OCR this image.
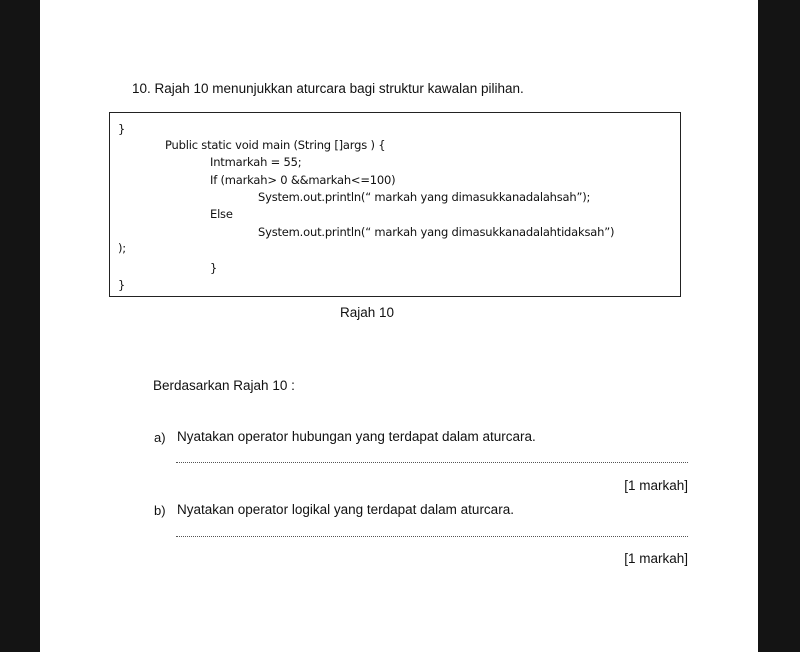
10. Rajah 10 menunjukkan aturcara bagi struktur kawalan pilihan.
}
Public static void main (String []args ) {
Intmarkah = 55;
If (markah> 0 &&markah<=100)
System.out.println(“ markah yang dimasukkanadalahsah”);
Else
System.out.println(“ markah yang dimasukkanadalahtidaksah”)
);
}
}
Rajah 10
Berdasarkan Rajah 10 :
a) Nyatakan operator hubungan yang terdapat dalam aturcara.
[1 markah]
b) Nyatakan operator logikal yang terdapat dalam aturcara.
[1 markah]
